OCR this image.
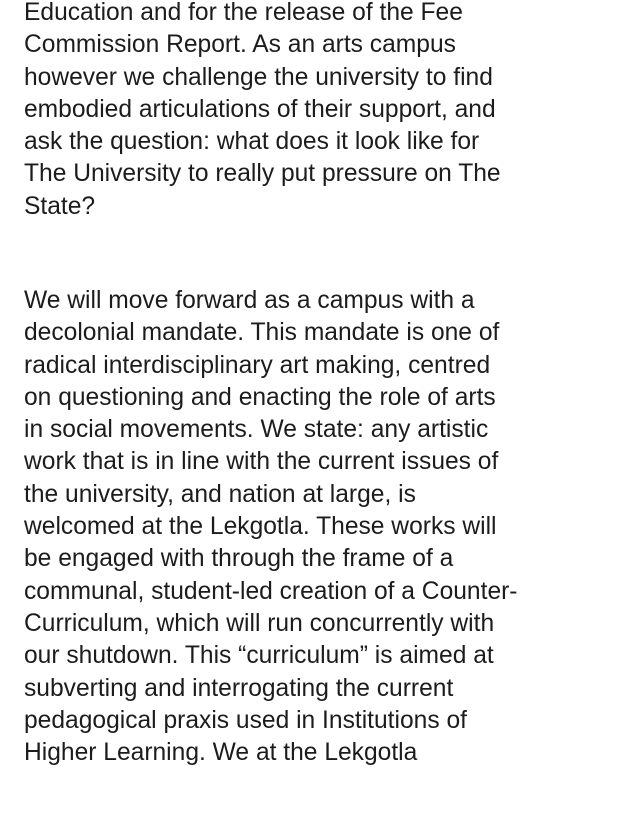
Education and for the release of the Fee
Commission Report. As an arts campus
however we challenge the university to find
embodied articulations of their support, and
ask the question: what does it look like for
The University to really put pressure on The
State?

We will move forward as a campus with a
decolonial mandate. This mandate is one of
radical interdisciplinary art making, centred
on questioning and enacting the role of arts
in social movements. We state: any artistic
work that is in line with the current issues of
the university, and nation at large, is
welcomed at the Lekgotla. These works will
be engaged with through the frame of a
communal, student-led creation of a Counter-
Curriculum, which will run concurrently with
our shutdown. This “curriculum” is aimed at
subverting and interrogating the current
pedagogical praxis used in Institutions of
Higher Learning. We at the Lekgotla
